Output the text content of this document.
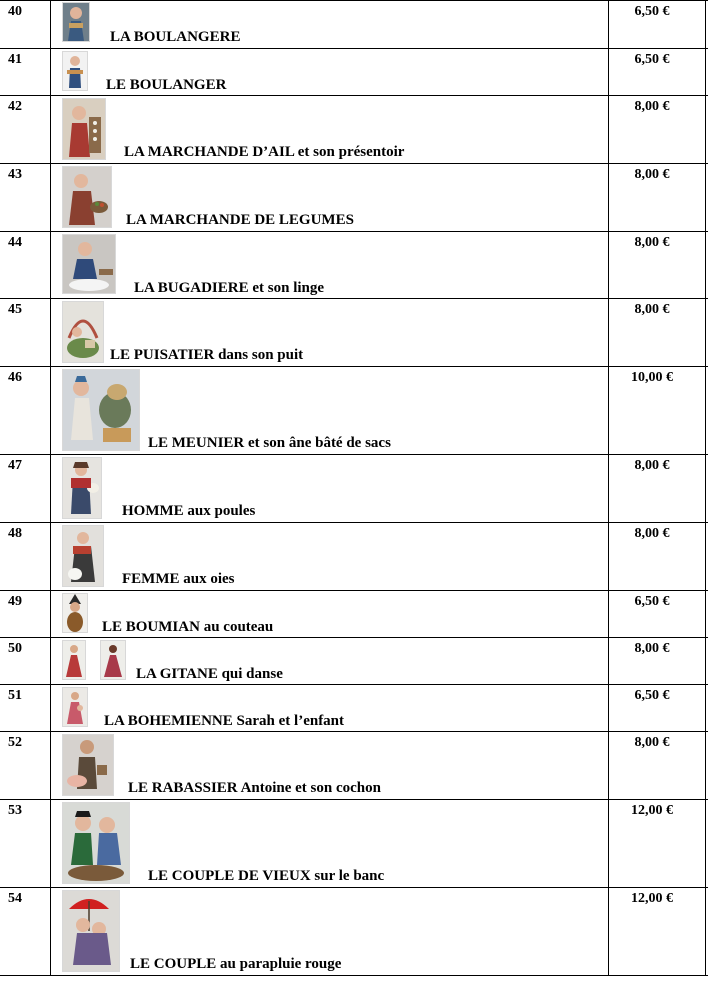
40
LA BOULANGERE
6,50 €
41
LE BOULANGER
6,50 €
42
LA MARCHANDE D’AIL et son présentoir
8,00 €
43
LA MARCHANDE DE LEGUMES
8,00 €
44
LA BUGADIERE et son linge
8,00 €
45
LE PUISATIER dans son puit
8,00 €
46
LE MEUNIER et son âne bâté de sacs
10,00 €
47
HOMME aux poules
8,00 €
48
FEMME aux oies
8,00 €
49
LE BOUMIAN au couteau
6,50 €
50
LA GITANE qui danse
8,00 €
51
LA BOHEMIENNE Sarah et l’enfant
6,50 €
52
LE RABASSIER Antoine et son cochon
8,00 €
53
LE COUPLE DE VIEUX sur le banc
12,00 €
54
LE COUPLE au parapluie rouge
12,00 €
